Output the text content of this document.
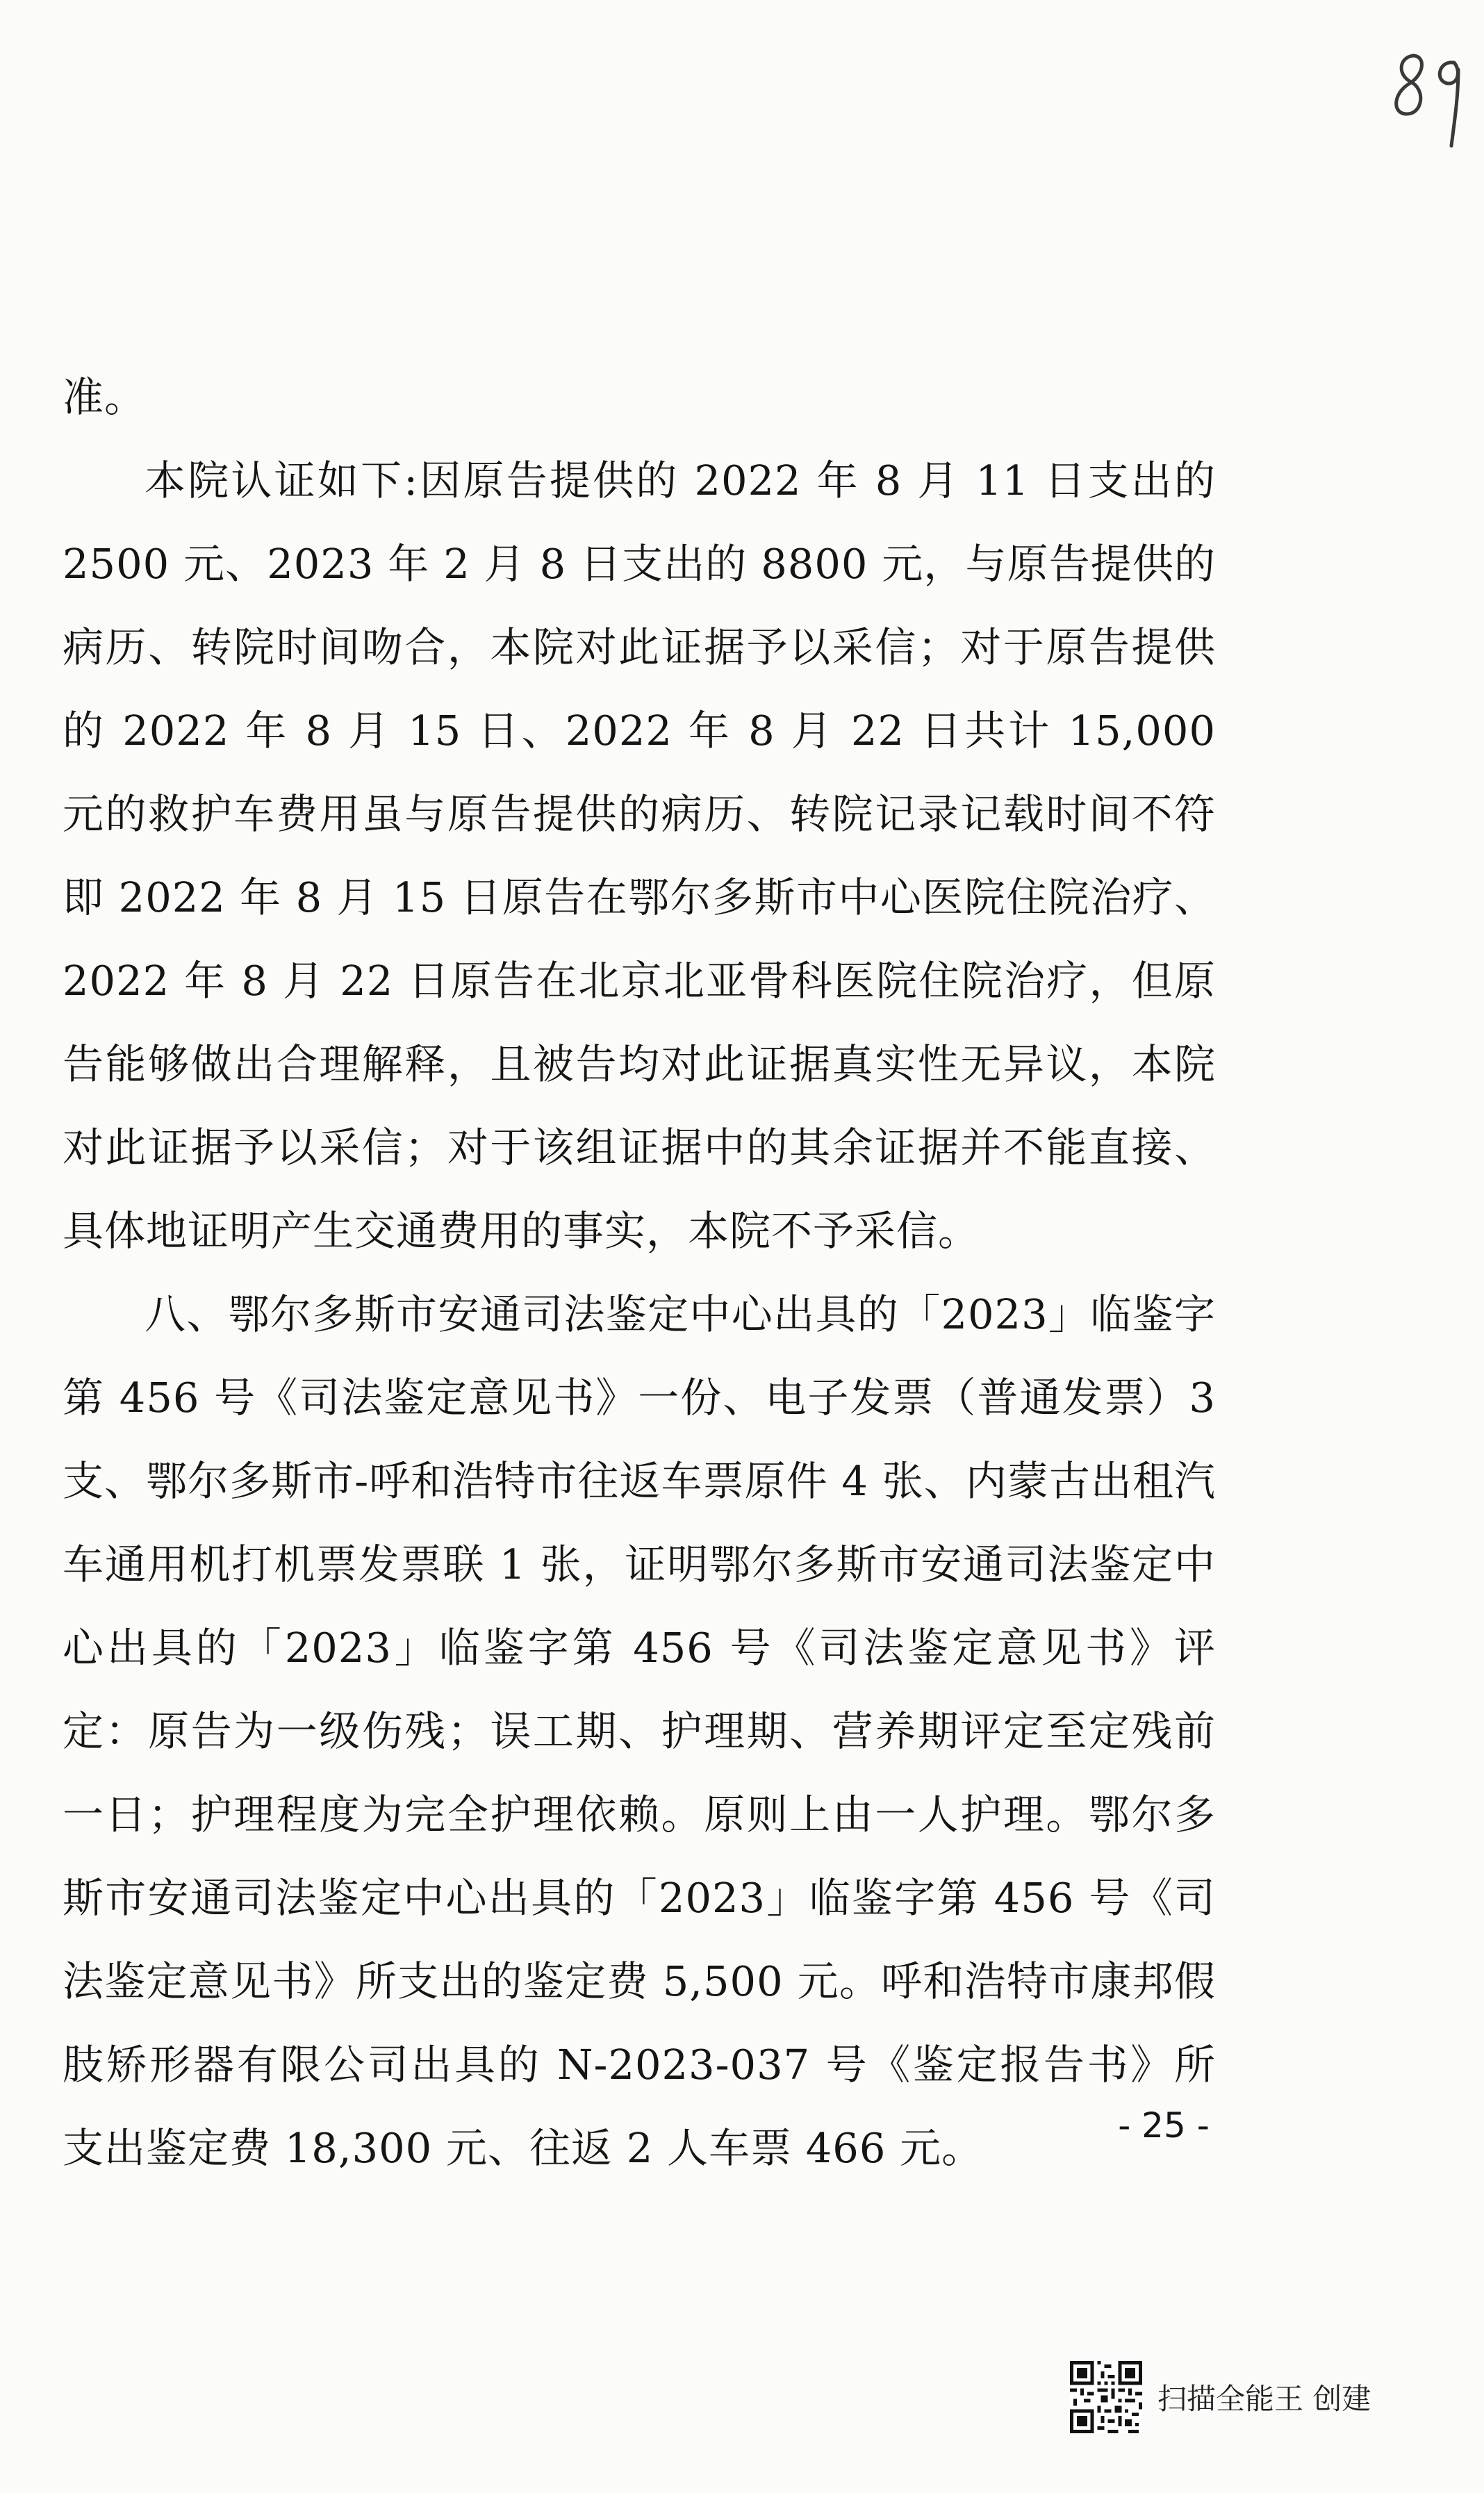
准。

本院认证如下:因原告提供的 2022 年 8 月 11 日支出的 2500 元、2023 年 2 月 8 日支出的 8800 元，与原告提供的病历、转院时间吻合，本院对此证据予以采信；对于原告提供的 2022 年 8 月 15 日、2022 年 8 月 22 日共计 15,000 元的救护车费用虽与原告提供的病历、转院记录记载时间不符即 2022 年 8 月 15 日原告在鄂尔多斯市中心医院住院治疗、2022 年 8 月 22 日原告在北京北亚骨科医院住院治疗，但原告能够做出合理解释，且被告均对此证据真实性无异议，本院对此证据予以采信；对于该组证据中的其余证据并不能直接、具体地证明产生交通费用的事实，本院不予采信。

八、鄂尔多斯市安通司法鉴定中心出具的「2023」临鉴字第 456 号《司法鉴定意见书》一份、电子发票（普通发票）3 支、鄂尔多斯市-呼和浩特市往返车票原件 4 张、内蒙古出租汽车通用机打机票发票联 1 张，证明鄂尔多斯市安通司法鉴定中心出具的「2023」临鉴字第 456 号《司法鉴定意见书》评定：原告为一级伤残；误工期、护理期、营养期评定至定残前一日；护理程度为完全护理依赖。原则上由一人护理。鄂尔多斯市安通司法鉴定中心出具的「2023」临鉴字第 456 号《司法鉴定意见书》所支出的鉴定费 5,500 元。呼和浩特市康邦假肢矫形器有限公司出具的 N-2023-037 号《鉴定报告书》所支出鉴定费 18,300 元、往返 2 人车票 466 元。	- 25 -
扫描全能王 创建
